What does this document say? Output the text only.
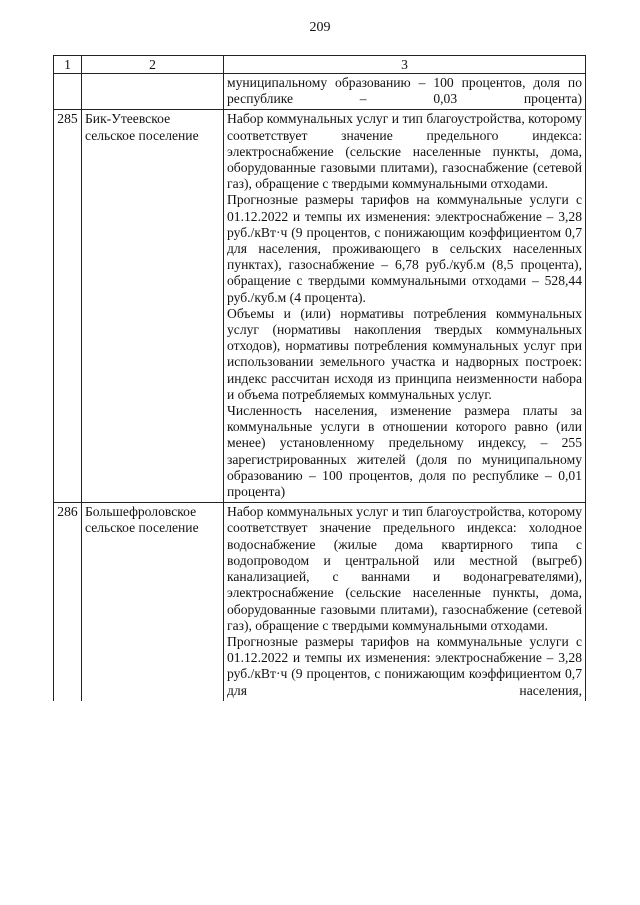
209
1	2	3

		муниципальному образованию – 100 процентов, доля по республике – 0,03 процента)

285	Бик-Утеевское сельское поселение	Набор коммунальных услуг и тип благоустройства, которому соответствует значение предельного индекса: электроснабжение (сельские населенные пункты, дома, оборудованные газовыми плитами), газоснабжение (сетевой газ), обращение с твердыми коммунальными отходами.

Прогнозные размеры тарифов на коммунальные услуги с 01.12.2022 и темпы их изменения: электроснабжение – 3,28 руб./кВт·ч (9 процентов, с понижающим коэффициентом 0,7 для населения, проживающего в сельских населенных пунктах), газоснабжение – 6,78 руб./куб.м (8,5 процента), обращение с твердыми коммунальными отходами – 528,44 руб./куб.м (4 процента).

Объемы и (или) нормативы потребления коммунальных услуг (нормативы накопления твердых коммунальных отходов), нормативы потребления коммунальных услуг при использовании земельного участка и надворных построек: индекс рассчитан исходя из принципа неизменности набора и объема потребляемых коммунальных услуг.

Численность населения, изменение размера платы за коммунальные услуги в отношении которого равно (или менее) установленному предельному индексу, – 255 зарегистрированных жителей (доля по муниципальному образованию – 100 процентов, доля по республике – 0,01 процента)

286	Большефроловское сельское поселение	Набор коммунальных услуг и тип благоустройства, которому соответствует значение предельного индекса: холодное водоснабжение (жилые дома квартирного типа с водопроводом и центральной или местной (выгреб) канализацией, с ваннами и водонагревателями), электроснабжение (сельские населенные пункты, дома, оборудованные газовыми плитами), газоснабжение (сетевой газ), обращение с твердыми коммунальными отходами.

Прогнозные размеры тарифов на коммунальные услуги с 01.12.2022 и темпы их изменения: электроснабжение – 3,28 руб./кВт·ч (9 процентов, с понижающим коэффициентом 0,7 для населения,
